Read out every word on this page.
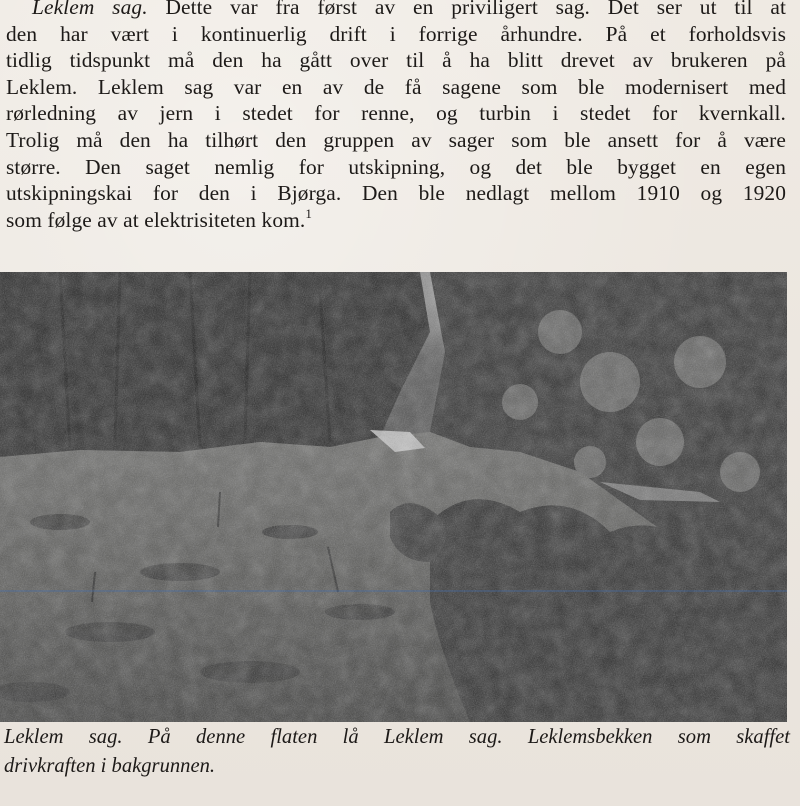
Leklem sag. Dette var fra først av en priviligert sag. Det ser ut til at
den har vært i kontinuerlig drift i forrige århundre. På et forholdsvis
tidlig tidspunkt må den ha gått over til å ha blitt drevet av brukeren på
Leklem. Leklem sag var en av de få sagene som ble modernisert med
rørledning av jern i stedet for renne, og turbin i stedet for kvernkall.
Trolig må den ha tilhørt den gruppen av sager som ble ansett for å være
større. Den saget nemlig for utskipning, og det ble bygget en egen
utskipningskai for den i Bjørga. Den ble nedlagt mellom 1910 og 1920
som følge av at elektrisiteten kom.$^1$
Leklem sag. På denne flaten lå Leklem sag. Leklemsbekken som skaffet
drivkraften i bakgrunnen.
